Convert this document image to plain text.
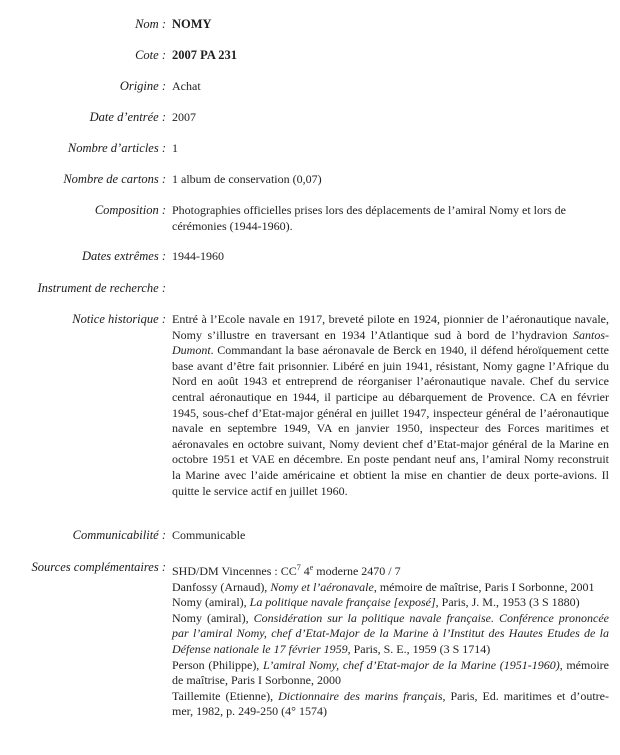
Nom : NOMY
Cote : 2007 PA 231
Origine : Achat
Date d’entrée : 2007
Nombre d’articles : 1
Nombre de cartons : 1 album de conservation (0,07)
Composition : Photographies officielles prises lors des déplacements de l’amiral Nomy et lors de cérémonies (1944-1960).
Dates extrêmes : 1944-1960
Instrument de recherche :
Notice historique : Entré à l’Ecole navale en 1917, breveté pilote en 1924, pionnier de l’aéronautique navale, Nomy s’illustre en traversant en 1934 l’Atlantique sud à bord de l’hydravion Santos-Dumont. Commandant la base aéronavale de Berck en 1940, il défend héroïquement cette base avant d’être fait prisonnier. Libéré en juin 1941, résistant, Nomy gagne l’Afrique du Nord en août 1943 et entreprend de réorganiser l’aéronautique navale. Chef du service central aéronautique en 1944, il participe au débarquement de Provence. CA en février 1945, sous-chef d’Etat-major général en juillet 1947, inspecteur général de l’aéronautique navale en septembre 1949, VA en janvier 1950, inspecteur des Forces maritimes et aéronavales en octobre suivant, Nomy devient chef d’Etat-major général de la Marine en octobre 1951 et VAE en décembre. En poste pendant neuf ans, l’amiral Nomy reconstruit la Marine avec l’aide américaine et obtient la mise en chantier de deux porte-avions. Il quitte le service actif en juillet 1960.
Communicabilité : Communicable
Sources complémentaires : SHD/DM Vincennes : $CC^7$ 4e moderne 2470 / 7
Danfossy (Arnaud), Nomy et l’aéronavale, mémoire de maîtrise, Paris I Sorbonne, 2001
Nomy (amiral), La politique navale française [exposé], Paris, J. M., 1953 (3 S 1880)
Nomy (amiral), Considération sur la politique navale française. Conférence prononcée par l’amiral Nomy, chef d’Etat-Major de la Marine à l’Institut des Hautes Etudes de la Défense nationale le 17 février 1959, Paris, S. E., 1959 (3 S 1714)
Person (Philippe), L’amiral Nomy, chef d’Etat-major de la Marine (1951-1960), mémoire de maîtrise, Paris I Sorbonne, 2000
Taillemite (Etienne), Dictionnaire des marins français, Paris, Ed. maritimes et d’outre-mer, 1982, p. 249-250 (4° 1574)
